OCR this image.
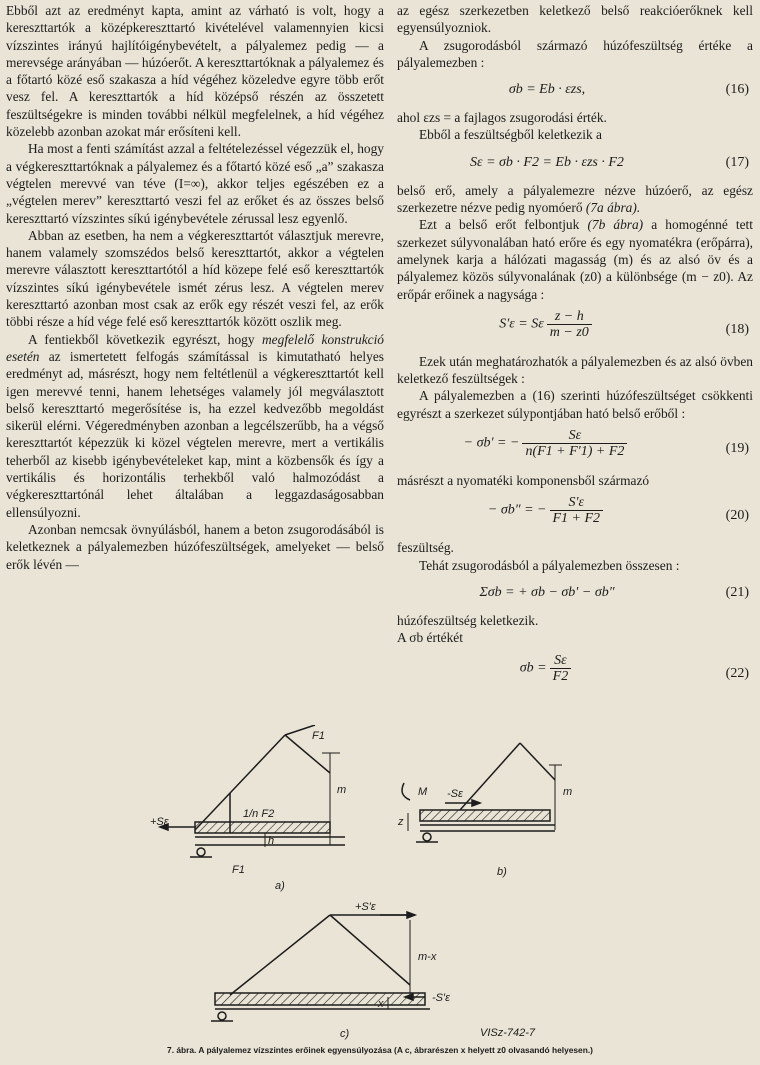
Ebből azt az eredményt kapta, amint az várható is volt, hogy a kereszttartók a középkereszttartó kivételével valamennyien kicsi vízszintes irányú hajlítóigénybevételt, a pályalemez pedig — a merevsége arányában — húzóerőt. A kereszttartóknak a pályalemez és a főtartó közé eső szakasza a híd végéhez közeledve egyre több erőt vesz fel. A kereszttartók a híd középső részén az összetett feszültségekre is minden további nélkül megfelelnek, a híd végéhez közelebb azonban azokat már erősíteni kell.

Ha most a fenti számítást azzal a feltételezéssel végezzük el, hogy a végkereszttartóknak a pályalemez és a főtartó közé eső „a” szakasza végtelen merevvé van téve (I=∞), akkor teljes egészében ez a „végtelen merev” kereszttartó veszi fel az erőket és az összes belső kereszttartó vízszintes síkú igénybevétele zérussal lesz egyenlő.

Abban az esetben, ha nem a végkereszttartót választjuk merevre, hanem valamely szomszédos belső kereszttartót, akkor a végtelen merevre választott kereszttartótól a híd közepe felé eső kereszttartók vízszintes síkú igénybevétele ismét zérus lesz. A végtelen merev kereszttartó azonban most csak az erők egy részét veszi fel, az erők többi része a híd vége felé eső kereszttartók között oszlik meg.

A fentiekből következik egyrészt, hogy megfelelő konstrukció esetén az ismertetett felfogás számítással is kimutatható helyes eredményt ad, másrészt, hogy nem feltétlenül a végkereszttartót kell igen merevvé tenni, hanem lehetséges valamely jól megválasztott belső kereszttartó megerősítése is, ha ezzel kedvezőbb megoldást sikerül elérni. Végeredményben azonban a legcélszerűbb, ha a végső kereszttartót képezzük ki közel végtelen merevre, mert a vertikális teherből az kisebb igénybevételeket kap, mint a közbensők és így a vertikális és horizontális terhekből való halmozódást a végkereszttartónál lehet általában a leggazdaságosabban ellensúlyozni.

Azonban nemcsak övnyúlásból, hanem a beton zsugorodásából is keletkeznek a pályalemezben húzófeszültségek, amelyeket — belső erők lévén —

az egész szerkezetben keletkező belső reakcióerőknek kell egyensúlyozniok.

A zsugorodásból származó húzófeszültség értéke a pályalemezben :

σb = Eb · εzs,	(16)

ahol εzs = a fajlagos zsugorodási érték.

Ebből a feszültségből keletkezik a

Sε = σb · F2 = Eb · εzs · F2	(17)

belső erő, amely a pályalemezre nézve húzóerő, az egész szerkezetre nézve pedig nyomóerő (7a ábra).

Ezt a belső erőt felbontjuk (7b ábra) a homogénné tett szerkezet súlyvonalában ható erőre és egy nyomatékra (erőpárra), amelynek karja a hálózati magasság (m) és az alsó öv és a pályalemez közös súlyvonalának (z0) a különbsége (m − z0). Az erőpár erőinek a nagysága :

S′ε = Sε $\frac{z - h}{m - z0}$	(18)

Ezek után meghatározhatók a pályalemezben és az alsó övben keletkező feszültségek :

A pályalemezben a (16) szerinti húzófeszültséget csökkenti egyrészt a szerkezet súlypontjában ható belső erőből :

− σb′ = − $\frac{S\varepsilon}{n(F1 + F'1) + F2}$	(19)

másrészt a nyomatéki komponensből származó

− σb″ = − $\frac{S'\varepsilon}{F1 + F2}$	(20)

feszültség.

Tehát zsugorodásból a pályalemezben összesen :

Σσb = + σb − σb′ − σb″	(21)

húzófeszültség keletkezik.

A σb értékét

$\sigma b = \frac{S\varepsilon}{F2}$	(22)
+Sε
F1
1/n F2
F1
m
h
a)
m
M -Sε
z
b)
+S′ε
-S′ε
m-x
x
c)	VISz-742-7
7. ábra. A pályalemez vízszintes erőinek egyensúlyozása (A c, ábrarészen x helyett z0 olvasandó helyesen.)
